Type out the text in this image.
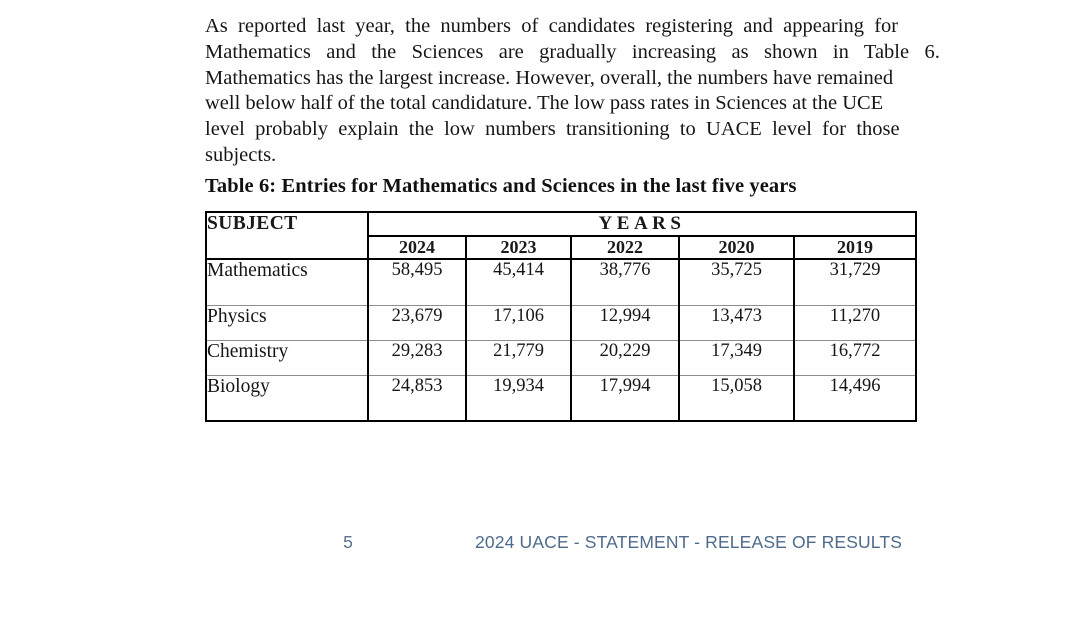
As  reported  last  year,  the  numbers  of  candidates  registering  and  appearing  for
Mathematics   and   the   Sciences   are   gradually   increasing   as   shown   in   Table   6.
Mathematics has the largest increase. However, overall, the numbers have remained
well below half of the total candidature. The low pass rates in Sciences at the UCE
level  probably  explain  the  low  numbers  transitioning  to  UACE  level  for  those
subjects.
Table 6: Entries for Mathematics and Sciences in the last five years
SUBJECT	YEARS				
	2024	2023	2022	2020	2019
Mathematics	58,495	45,414	38,776	35,725	31,729
Physics	23,679	17,106	12,994	13,473	11,270
Chemistry	29,283	21,779	20,229	17,349	16,772
Biology	24,853	19,934	17,994	15,058	14,496
5	2024 UACE - STATEMENT - RELEASE OF RESULTS
